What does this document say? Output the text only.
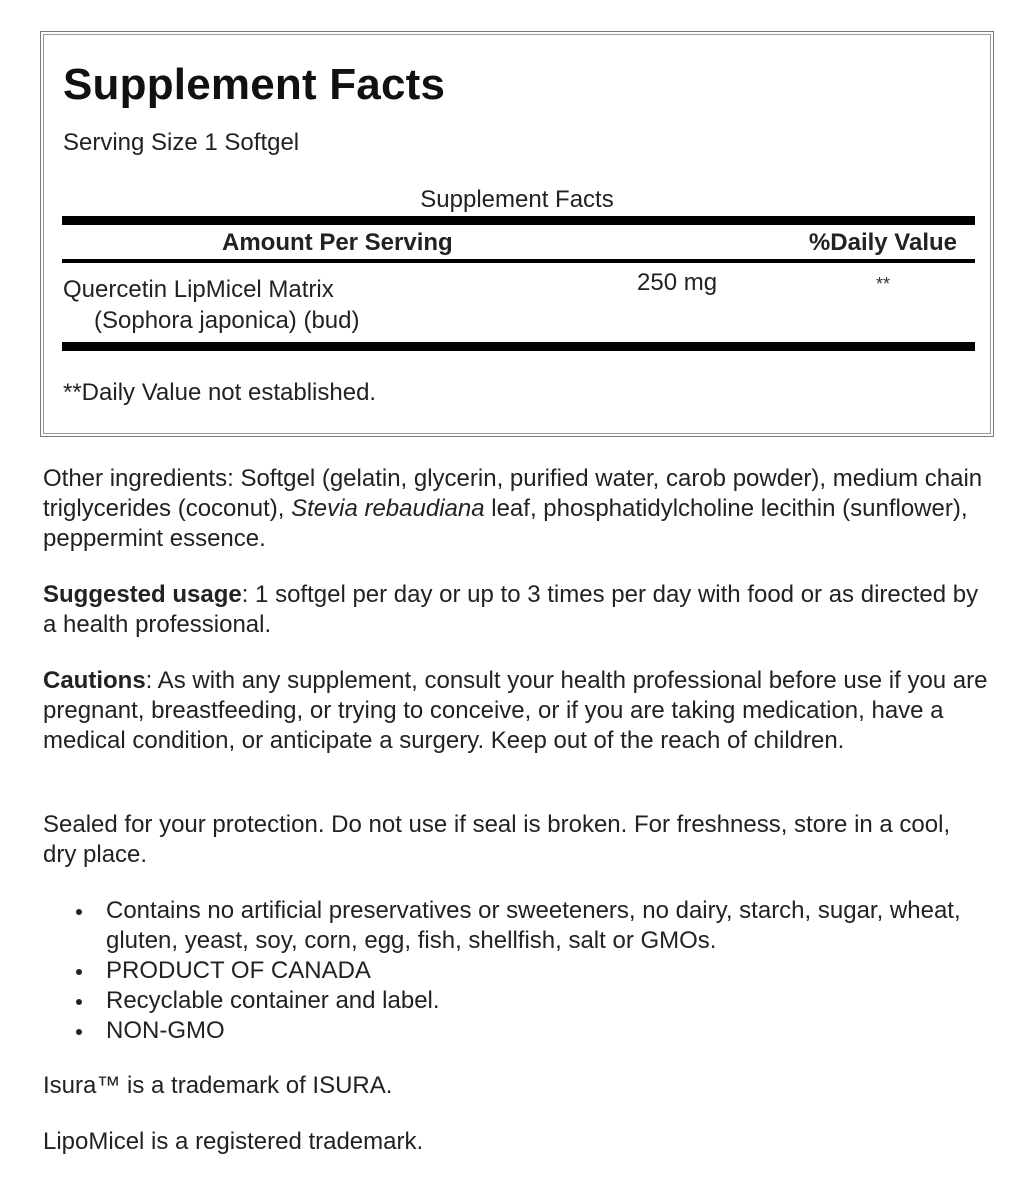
Supplement Facts
Serving Size 1 Softgel
Supplement Facts
Amount Per Serving	%Daily Value
Quercetin LipMicel Matrix
(Sophora japonica) (bud)
250 mg	**
**Daily Value not established.
Other ingredients: Softgel (gelatin, glycerin, purified water, carob powder), medium chain triglycerides (coconut), Stevia rebaudiana leaf, phosphatidylcholine lecithin (sunflower), peppermint essence.
Suggested usage: 1 softgel per day or up to 3 times per day with food or as directed by a health professional.
Cautions: As with any supplement, consult your health professional before use if you are pregnant, breastfeeding, or trying to conceive, or if you are taking medication, have a medical condition, or anticipate a surgery. Keep out of the reach of children.
Sealed for your protection. Do not use if seal is broken. For freshness, store in a cool, dry place.
Contains no artificial preservatives or sweeteners, no dairy, starch, sugar, wheat, gluten, yeast, soy, corn, egg, fish, shellfish, salt or GMOs.
PRODUCT OF CANADA
Recyclable container and label.
NON-GMO
Isura™ is a trademark of ISURA.
LipoMicel is a registered trademark.
